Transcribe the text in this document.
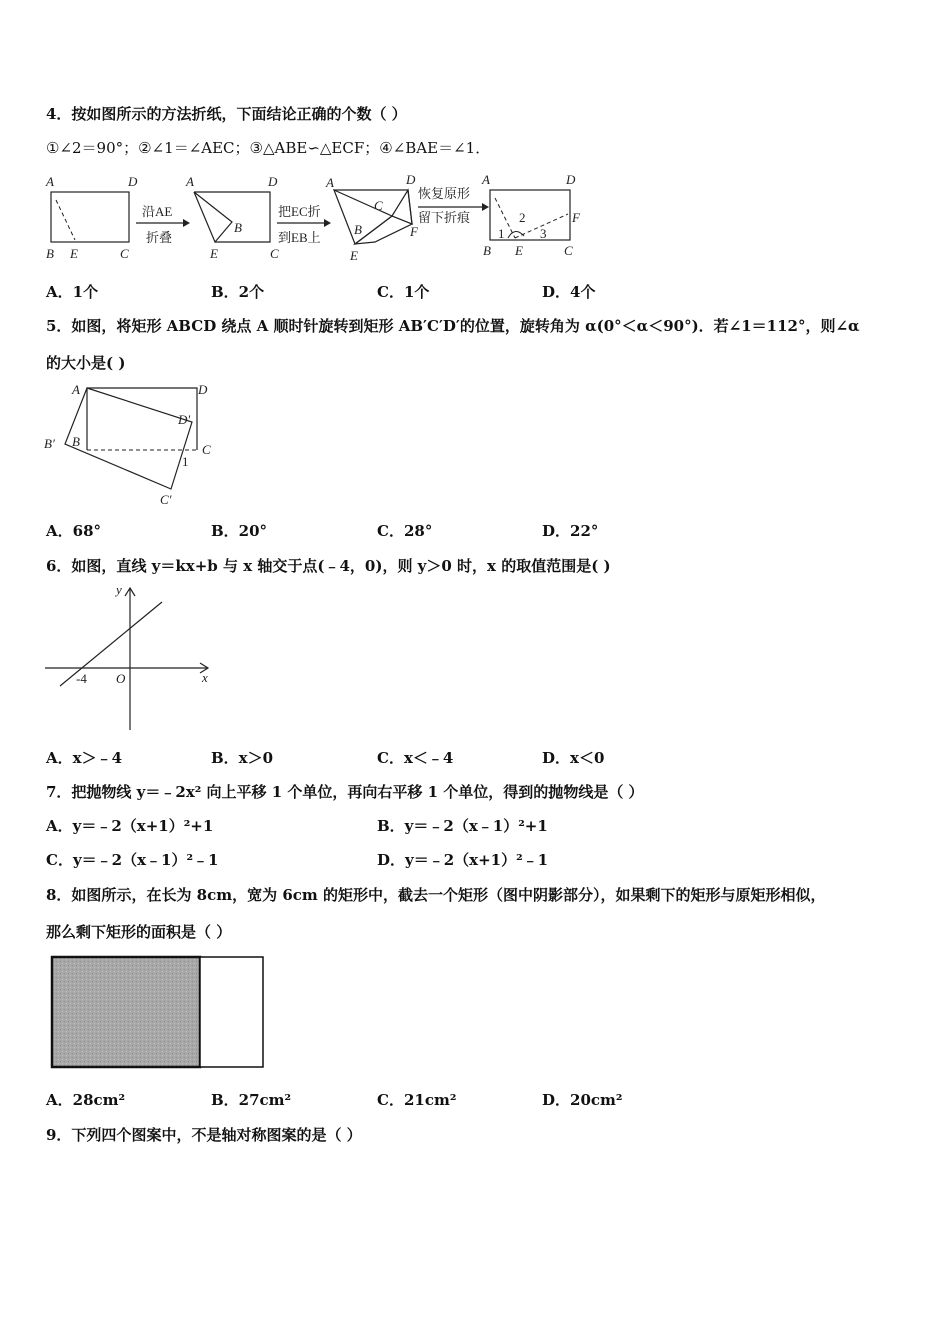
4．按如图所示的方法折纸，下面结论正确的个数（ ）
①∠2＝90°；②∠1＝∠AEC；③△ABE∽△ECF；④∠BAE＝∠1．
A	D
B E	C
沿AE
折叠
A	D
B
E	C
把EC折
到EB上
A	D
C
B	F
E
恢复原形
留下折痕
A	D
F
B E	C
1
2
3
A．1个	B．2个	C．1个	D．4个
5．如图，将矩形 ABCD 绕点 A 顺时针旋转到矩形 AB′C′D′的位置，旋转角为 α(0°＜α＜90°)．若∠1＝112°，则∠α
的大小是( )
A	D
D′
B′ B
C
1
C′
A．68°	B．20°	C．28°	D．22°
6．如图，直线 y＝kx+b 与 x 轴交于点(﹣4，0)，则 y＞0 时，x 的取值范围是( )
y
x
O
-4
A．x＞﹣4	B．x＞0	C．x＜﹣4	D．x＜0
7．把抛物线 y＝﹣2x² 向上平移 1 个单位，再向右平移 1 个单位，得到的抛物线是（ ）
A．y＝﹣2（x+1）²+1	B．y＝﹣2（x﹣1）²+1
C．y＝﹣2（x﹣1）²﹣1	D．y＝﹣2（x+1）²﹣1
8．如图所示，在长为 8cm，宽为 6cm 的矩形中，截去一个矩形（图中阴影部分），如果剩下的矩形与原矩形相似，
那么剩下矩形的面积是（ ）
A．28cm²	B．27cm²	C．21cm²	D．20cm²
9．下列四个图案中，不是轴对称图案的是（ ）
